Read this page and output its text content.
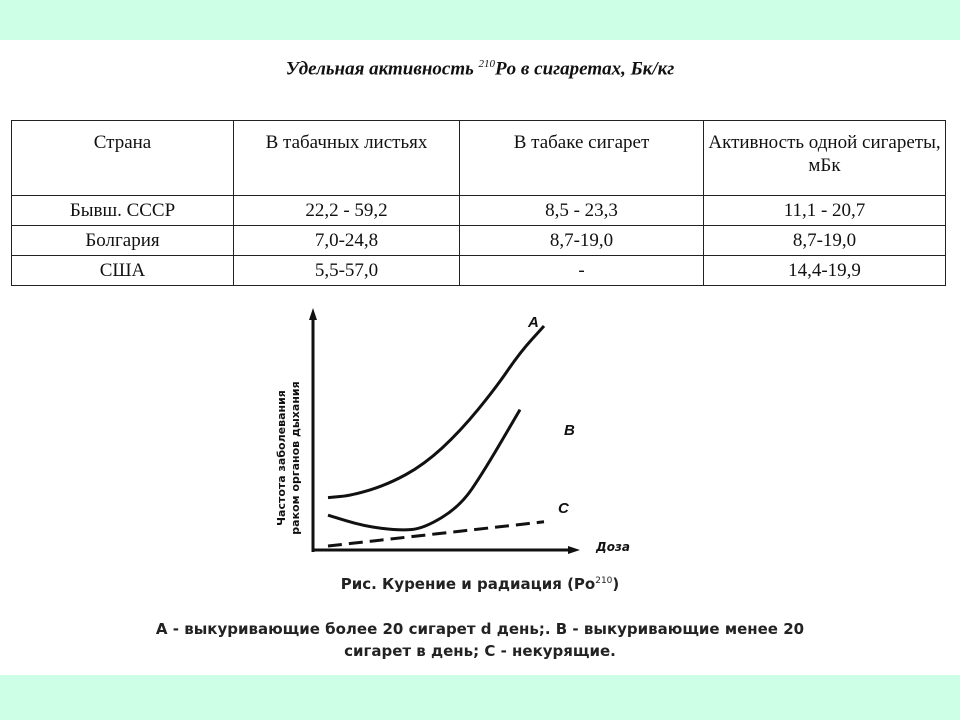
Удельная активность $^{210}$Po в сигаретах, Бк/кг
Страна	В табачных листьях	В табаке сигарет	Активность одной сигареты, мБк
Бывш. СССР	22,2 - 59,2	8,5 - 23,3	11,1 - 20,7
Болгария	7,0-24,8	8,7-19,0	8,7-19,0
США	5,5-57,0	-	14,4-19,9
Частота заболевания раком органов дыхания
A
B
C
Доза
Рис. Курение и радиация (Po$^{210}$)
А - выкуривающие более 20 сигарет d день;. В - выкуривающие менее 20
сигарет в день; С - некурящие.
